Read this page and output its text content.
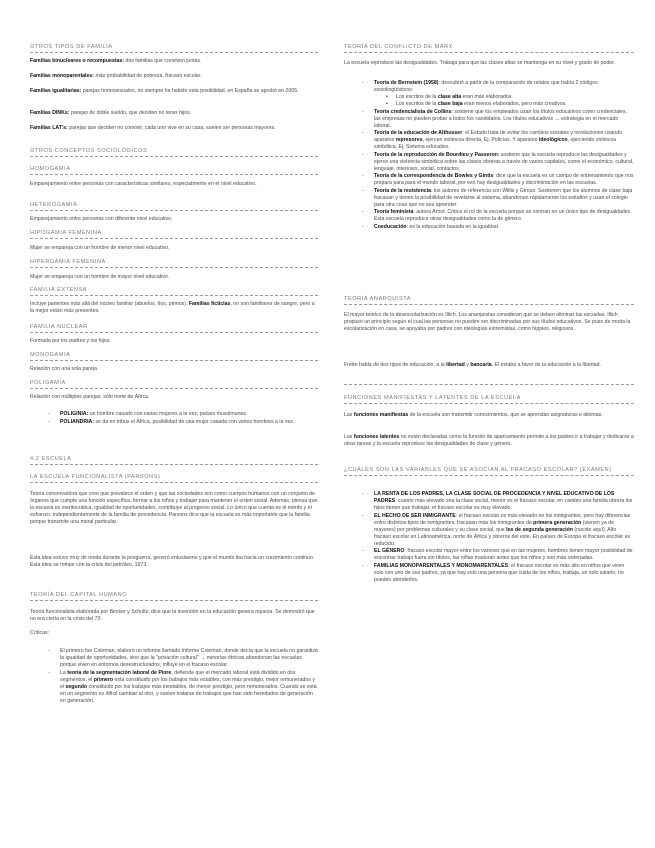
OTROS TIPOS DE FAMILIA
Familias binucleares o recompuestas: dos familias que conviven juntas.
Familias monoparentales: más probabilidad de pobreza, fracaso escolar.
Familias igualitarias: parejas homosexuales, no siempre ha habido esta posibilidad, en España se aprobó en 2005.
Familias DINKs: parejas de doble sueldo, que deciden no tener hijos.
Familias LAT's: parejas que deciden no convivir, cada uno vive en su casa, suelen ser personas mayores.
OTROS CONCEPTOS SOCIOLÓGICOS
HOMOGAMIA
Emparejamiento entre personas con características similares, especialmente en el nivel educativo.
HETEROGAMIA
Emparejamiento entre personas con diferente nivel educativo.
HIPOGAMIA FEMENINA
Mujer se empareja con un hombre de menor nivel educativo.
HIPERGAMIA FEMENINA
Mujer se empareja con un hombre de mayor nivel educativo.
FAMILIA EXTENSA
Incluye parientes más allá del núcleo familiar (abuelos, tíos, primos). Familias ficticias, no son familiares de sangre, pero a la mejor están más presentes.
FAMILIA NUCLEAR
Formada por los padres y los hijos.
MONOGAMIA
Relación con una sola pareja.
POLIGAMIA
Relación con múltiples parejas, sólo norte de África.
- POLIGINIA: un hombre casado con varias mujeres a la vez, países musulmanes.
- POLIANDRIA: se da en tribus el África, posibilidad de una mujer casada con varios hombres a la vez.
4.2 ESCUELA
LA ESCUELA FUNCIONALISTA (PARSONS)
Teoría conservadora que cree que prevalece el orden y que las sociedades son como cuerpos humanos con un conjunto de órganos que cumple una función específica, formar a los niños y trabajar para mantener el orden social. Además, piensa que la escuela es meritocrática, igualdad de oportunidades, contribuye al progreso social. Lo único que cuenta es el mérito y el esfuerzo, independientemente de la familia de procedencia. Parsons dice que la escuela es más importante que la familia porque transmite una moral particular.
Esta idea estuvo muy de moda durante la posguerra, generó entusiasmo y que el mundo iba hacia un crecimiento continuo. Esta idea se rompe con la crisis del petróleo, 1973.
TEORÍA DEL CAPITAL HUMANO
Teoría funcionalista elaborada por Becker y Schultz, dice que la inversión en la educación genera riqueza. Se demostró que no era cierta en la crisis del 73.
Críticas:
- El primero fue Coleman, elaboró un informe llamado Informe Coleman, donde decía que la escuela no garantiza la igualdad de oportunidades, sino que la "privación cultural" → minorías étnicas abandonan las escuelas porque viven en entornos desestructurados, influye en el fracaso escolar.
- La teoría de la segmentación laboral de Piore, defiende que el mercado laboral está dividido en dos segmentos, el primero está constituido por los trabajos más estables, con más prestigio, mejor remunerados y el segundo constituido por los trabajos más inestables, de menor prestigio, peor remunerados. Cuando se está en un segmento es difícil cambiar al otro, y suelen tratarse de trabajos que han sido heredados de generación en generación.
TEORÍA DEL CONFLICTO DE MARX
La escuela reproduce las desigualdades. Trabaja para que las clases altas se mantenga en su nivel y grado de poder.
- Teoría de Bernstein (1958): descubrió a partir de la comparación de relatos que había 2 códigos sociolingüísticos:
• Los escritos de la clase alta eran más elaborados.
• Los escritos de la clase baja eran menos elaborados, pero más creativos.
- Teoría credencialista de Collins: sostiene que los empleados usan los títulos educativos como credenciales, las empresas no pueden probar a todos los candidatos. Los títulos educativos → estrategia en el mercado laboral.
- Teoría de la educación de Althusser: el Estado trata de evitar los cambios sociales y revoluciones usando aparatos represores, ejercen violencia directa, Ej. Policías. Y aparatos ideológicos, ejerciendo violencia simbólica, Ej. Sistema educativo.
- Teoría de la reproducción de Bourdieu y Passeron: sostiene que la escuela reproduce las desigualdades y ejerce una violencia simbólica sobre las clases obreras a través de varios capitales, como el económico, cultural, lenguaje, intereses, social, contactos.
- Teoría de la correspondencia de Bowles y Gintis: dice que la escuela es un campo de entrenamiento que nos prepara para para el mundo laboral, por eso hay desigualdades y discriminación en las escuelas.
- Teoría de la resistencia: los autores de referencia son Willis y Giroux. Sostienen que los alumnos de clase baja fracasan y tienen la posibilidad de revelarse al sistema, abandonan rápidamente los estudios y usan el colegio para otra cosa que no sea aprender.
- Teoría feminista: autora Arnot. Critica el rol de la escuela porque se centran en un único tipo de desigualdades. Esta escuela reproduce otras desigualdades como la de género.
- Coeducación: es la educación basada en la igualdad.
TEORÍA ANARQUISTA
El mayor teórico de la desescolarización es Illich. Los anarquistas consideran que se deben eliminar las escuelas. Illich propuso un principio según el cual las personas no pueden ser discriminadas por sus títulos educativos. Se puso de moda la escolarización en casa, se apoyaba por padres con ideologías extremistas, como hippies, religiosos.
Freire habla de dos tipos de educación, a la libertad y bancaria. El estaba a favor de la educación a la libertad.
FUNCIONES MANIFIESTAS Y LATENTES DE LA ESCUELA
Las funciones manifiestas de la escuela son transmitir conocimientos, que se aprendan asignaturas e idiomas.
Las funciones latentes no están declaradas como la función de aparcamiento permite a los padres ir a trabajar y dedicarse a otras tareas y la escuela reproduce las desigualdades de clase y género.
¿CUÁLES SON LAS VARIABLES QUE SE ASOCIAN AL FRACASO ESCOLAR? (EXAMEN)
- LA RENTA DE LOS PADRES, LA CLASE SOCIAL DE PROCEDENCIA Y NIVEL EDUCATIVO DE LOS PADRES: cuanto más elevado sea la clase social, menor es el fracaso escolar, en cambio una familia obrera los hijos tienen que trabajar, el fracaso escolar es muy elevado.
- EL HECHO DE SER INMIGRANTE: el fracaso escolar es más elevado en los inmigrantes, pero hay diferencias entre distintos tipos de inmigrantes, fracasan más los inmigrantes de primera generación (vienen ya de mayores) por problemas culturales y su clase social, que los de segunda generación (nacido aquí). Alto fracaso escolar en Latinoamérica, norte de África y obreros del este. En países de Europa el fracaso escolar es reducido.
- EL GÉNERO: fracaso escolar mayor entre los varones que en las mujeres, hombres tienen mayor posibilidad de encontrar trabajo fuera sin títulos, las niñas maduran antes que los niños y son más ordenadas.
- FAMILIAS MONOPARENTALES Y MONOMARENTALES: el fracaso escolar es más alto en niños que viven solo con uno de sus padres, ya que hay solo una persona que cuida de los niños, trabaja, un solo salario, no pueden atenderlos.
